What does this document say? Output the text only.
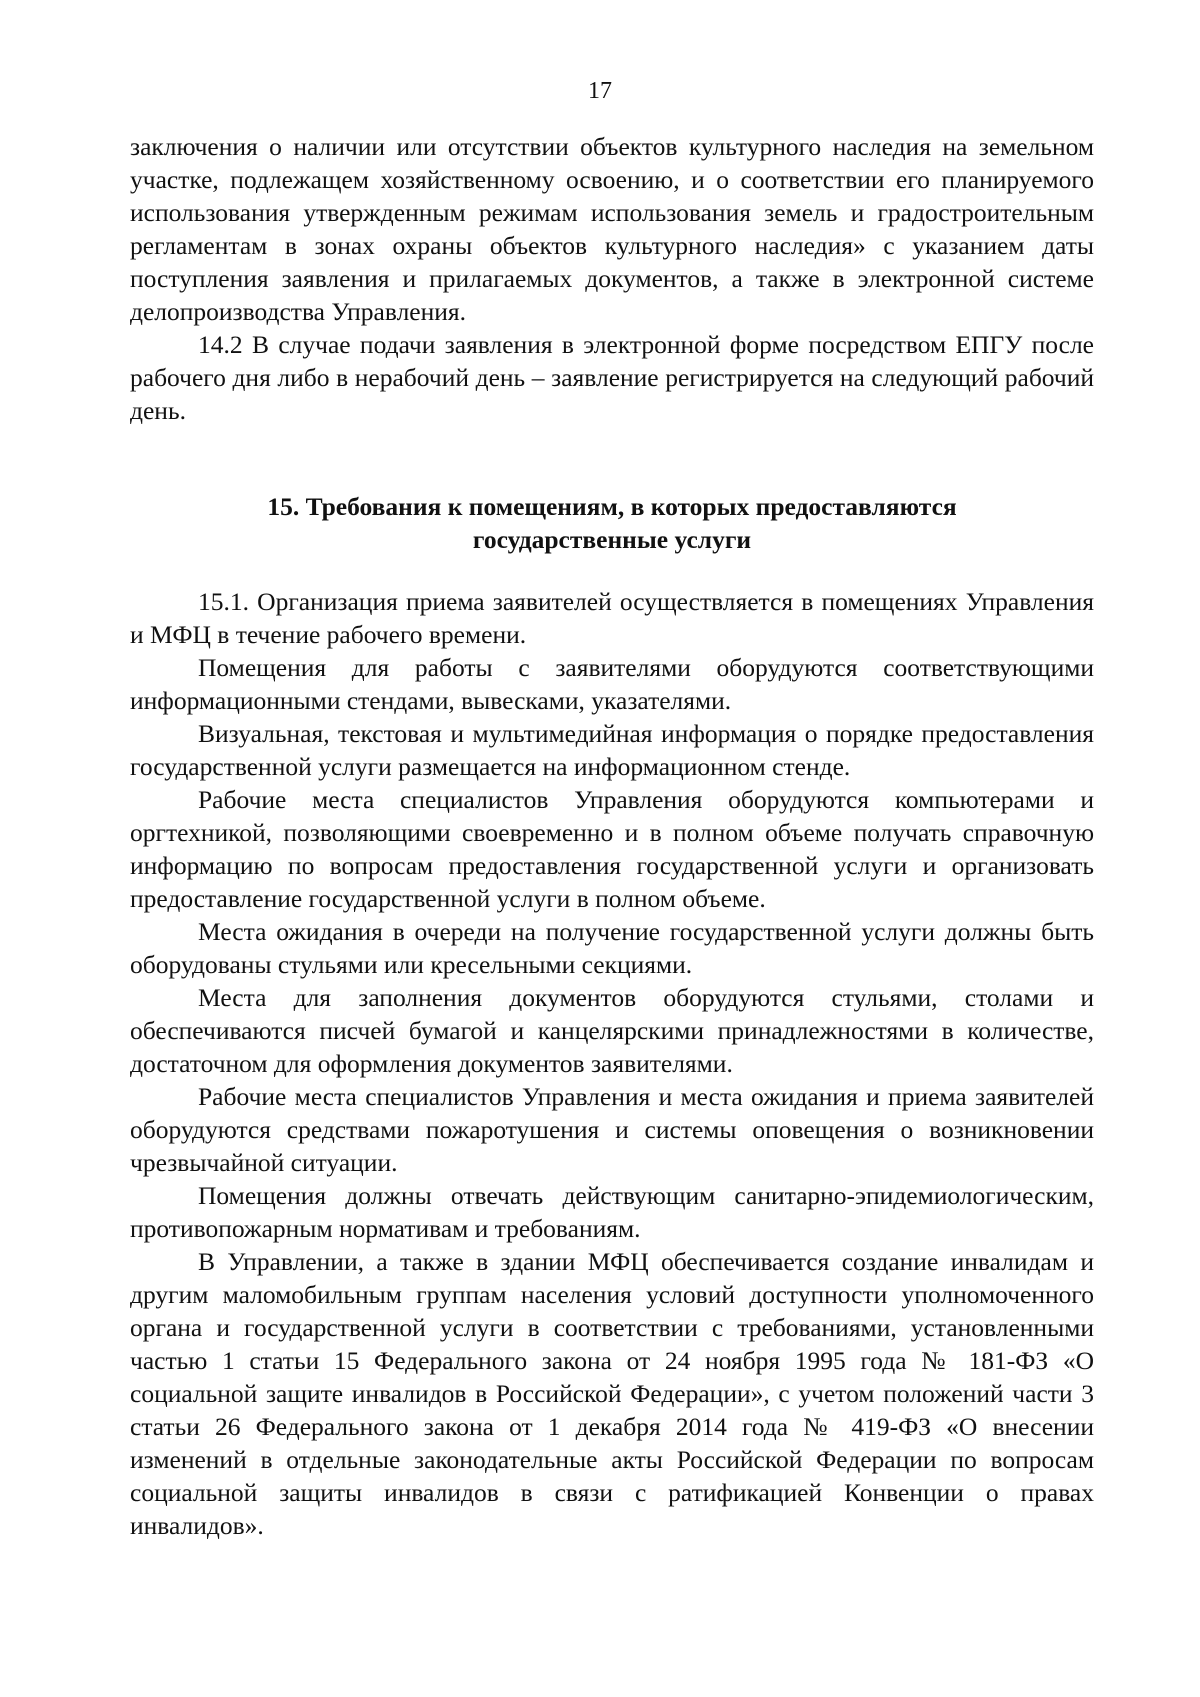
17

заключения о наличии или отсутствии объектов культурного наследия на земельном участке, подлежащем хозяйственному освоению, и о соответствии его планируемого использования утвержденным режимам использования земель и градостроительным регламентам в зонах охраны объектов культурного наследия» с указанием даты поступления заявления и прилагаемых документов, а также в электронной системе делопроизводства Управления.

14.2 В случае подачи заявления в электронной форме посредством ЕПГУ после рабочего дня либо в нерабочий день – заявление регистрируется на следующий рабочий день.

15. Требования к помещениям, в которых предоставляются
государственные услуги

15.1. Организация приема заявителей осуществляется в помещениях Управления и МФЦ в течение рабочего времени.

Помещения для работы с заявителями оборудуются соответствующими информационными стендами, вывесками, указателями.

Визуальная, текстовая и мультимедийная информация о порядке предоставления государственной услуги размещается на информационном стенде.

Рабочие места специалистов Управления оборудуются компьютерами и оргтехникой, позволяющими своевременно и в полном объеме получать справочную информацию по вопросам предоставления государственной услуги и организовать предоставление государственной услуги в полном объеме.

Места ожидания в очереди на получение государственной услуги должны быть оборудованы стульями или кресельными секциями.

Места для заполнения документов оборудуются стульями, столами и обеспечиваются писчей бумагой и канцелярскими принадлежностями в количестве, достаточном для оформления документов заявителями.

Рабочие места специалистов Управления и места ожидания и приема заявителей оборудуются средствами пожаротушения и системы оповещения о возникновении чрезвычайной ситуации.

Помещения должны отвечать действующим санитарно-эпидемиологическим, противопожарным нормативам и требованиям.

В Управлении, а также в здании МФЦ обеспечивается создание инвалидам и другим маломобильным группам населения условий доступности уполномоченного органа и государственной услуги в соответствии с требованиями, установленными частью 1 статьи 15 Федерального закона от 24 ноября 1995 года № 181-ФЗ «О социальной защите инвалидов в Российской Федерации», с учетом положений части 3 статьи 26 Федерального закона от 1 декабря 2014 года № 419-ФЗ «О внесении изменений в отдельные законодательные акты Российской Федерации по вопросам социальной защиты инвалидов в связи с ратификацией Конвенции о правах инвалидов».
